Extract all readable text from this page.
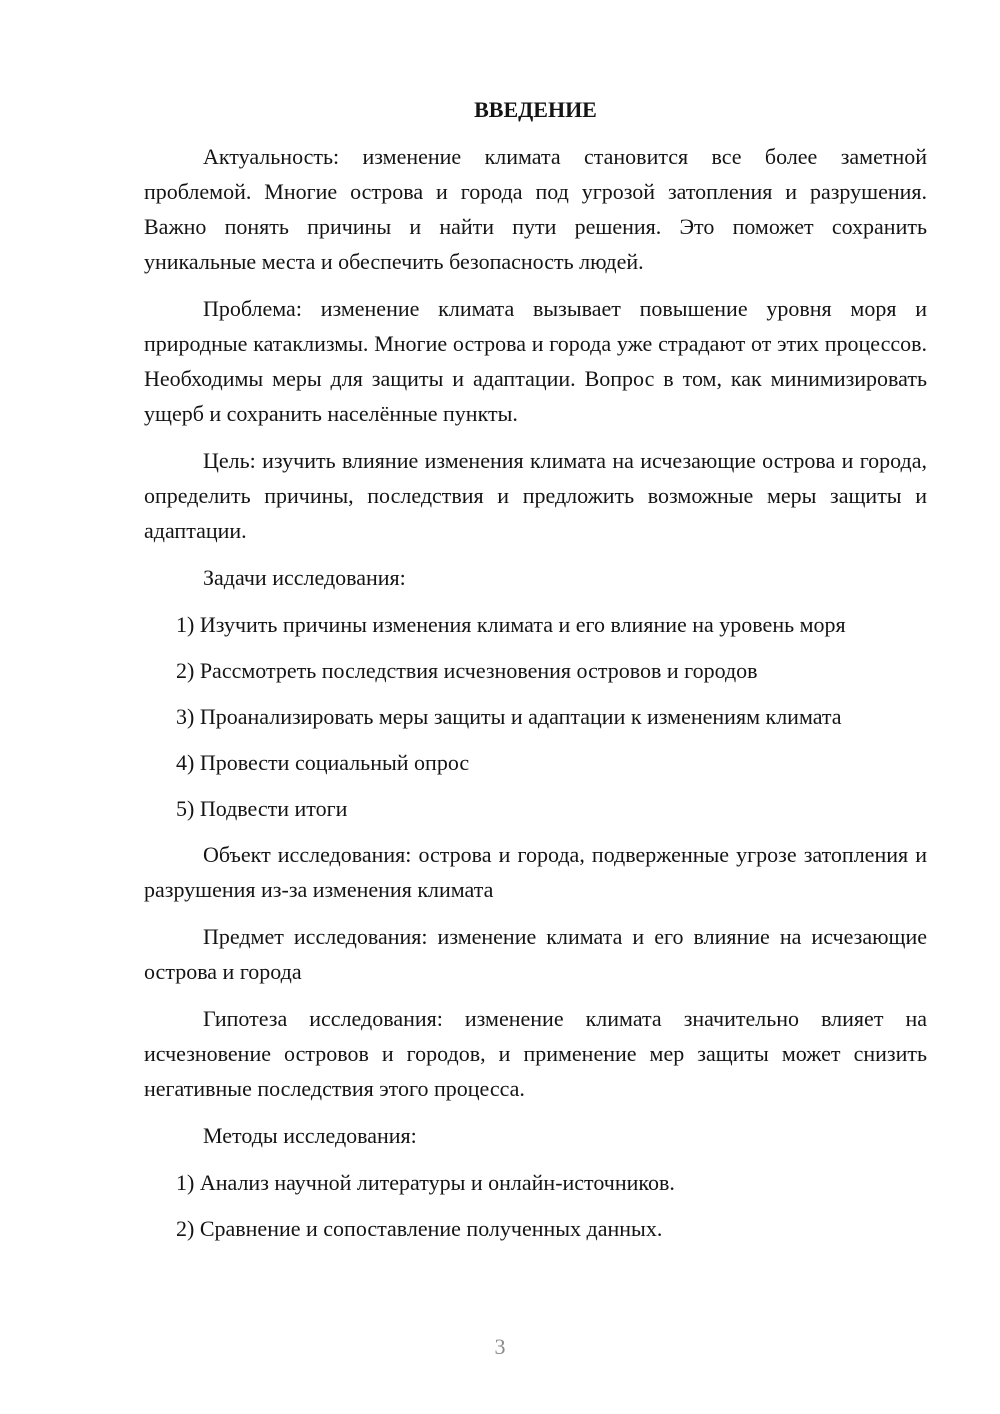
ВВЕДЕНИЕ

Актуальность: изменение климата становится все более заметной проблемой. Многие острова и города под угрозой затопления и разрушения. Важно понять причины и найти пути решения. Это поможет сохранить уникальные места и обеспечить безопасность людей.

Проблема: изменение климата вызывает повышение уровня моря и природные катаклизмы. Многие острова и города уже страдают от этих процессов. Необходимы меры для защиты и адаптации. Вопрос в том, как минимизировать ущерб и сохранить населённые пункты.

Цель: изучить влияние изменения климата на исчезающие острова и города, определить причины, последствия и предложить возможные меры защиты и адаптации.

Задачи исследования:

1) Изучить причины изменения климата и его влияние на уровень моря

2) Рассмотреть последствия исчезновения островов и городов

3) Проанализировать меры защиты и адаптации к изменениям климата

4) Провести социальный опрос

5) Подвести итоги

Объект исследования: острова и города, подверженные угрозе затопления и разрушения из-за изменения климата

Предмет исследования: изменение климата и его влияние на исчезающие острова и города

Гипотеза исследования: изменение климата значительно влияет на исчезновение островов и городов, и применение мер защиты может снизить негативные последствия этого процесса.

Методы исследования:

1) Анализ научной литературы и онлайн-источников.

2) Сравнение и сопоставление полученных данных.

3
